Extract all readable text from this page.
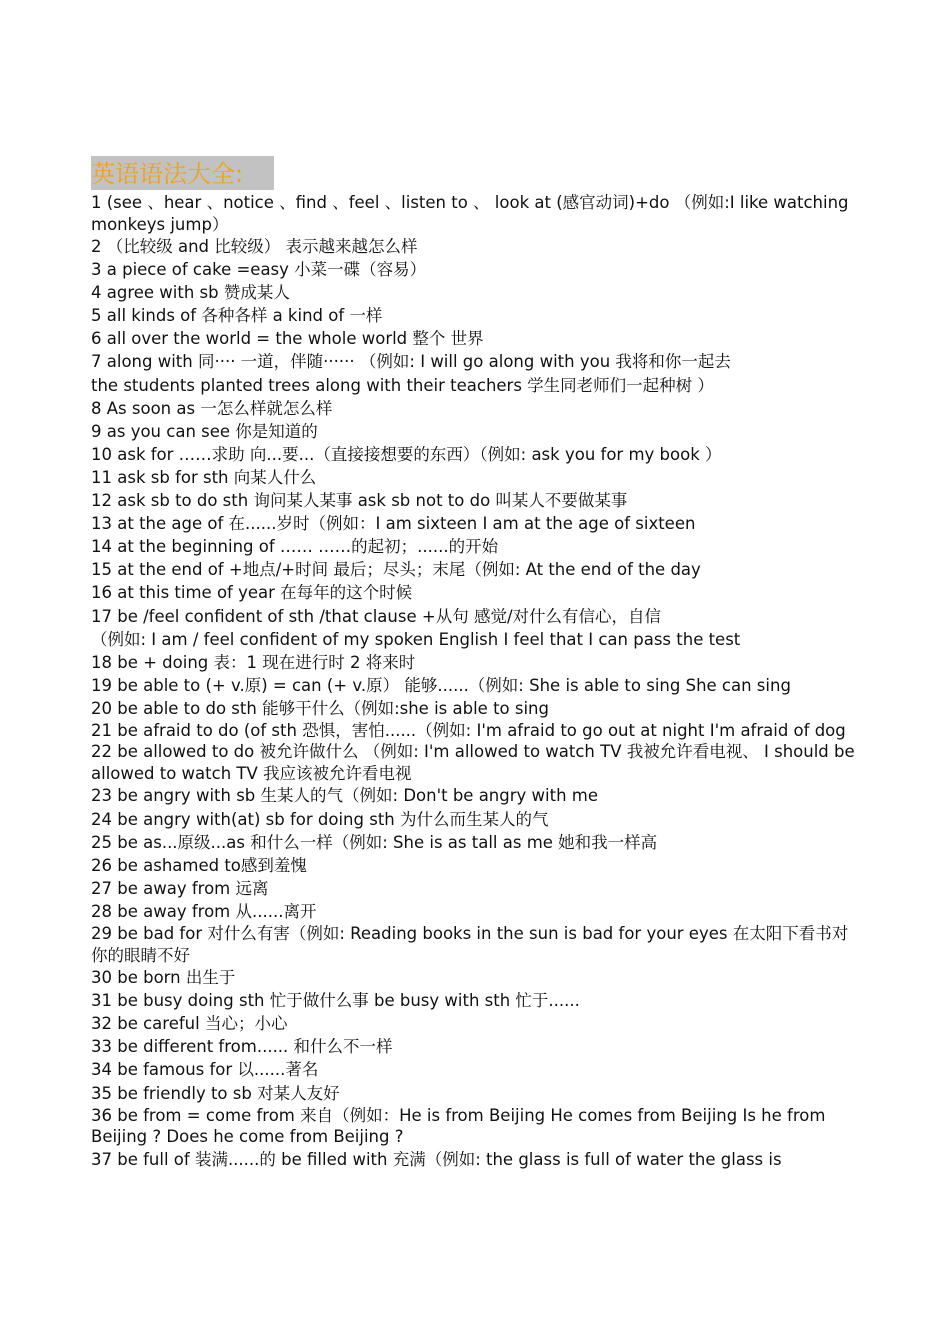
英语语法大全:

1 (see 、hear 、notice 、find 、feel 、listen to 、 look at (感官动词)+do （例如:I like watching monkeys jump）

2 （比较级 and 比较级） 表示越来越怎么样

3 a piece of cake =easy 小菜一碟（容易）

4 agree with sb 赞成某人

5 all kinds of 各种各样 a kind of 一样

6 all over the world = the whole world 整个 世界

7 along with 同···· 一道，伴随······ （例如: I will go along with you 我将和你一起去

the students planted trees along with their teachers 学生同老师们一起种树 ）

8 As soon as 一怎么样就怎么样

9 as you can see 你是知道的

10 ask for ……求助 向...要...（直接接想要的东西）（例如: ask you for my book ）

11 ask sb for sth 向某人什么

12 ask sb to do sth 询问某人某事 ask sb not to do 叫某人不要做某事

13 at the age of 在......岁时（例如：I am sixteen I am at the age of sixteen

14 at the beginning of …… ……的起初；......的开始

15 at the end of +地点/+时间 最后；尽头；末尾（例如: At the end of the day

16 at this time of year 在每年的这个时候

17 be /feel confident of sth /that clause +从句 感觉/对什么有信心，自信

（例如: I am / feel confident of my spoken English I feel that I can pass the test

18 be + doing 表：1 现在进行时 2 将来时

19 be able to (+ v.原) = can (+ v.原） 能够......（例如: She is able to sing She can sing

20 be able to do sth 能够干什么（例如:she is able to sing

21 be afraid to do (of sth 恐惧，害怕......（例如: I'm afraid to go out at night I'm afraid of dog

22 be allowed to do 被允许做什么 （例如: I'm allowed to watch TV 我被允许看电视、 I should be allowed to watch TV 我应该被允许看电视

23 be angry with sb 生某人的气（例如: Don't be angry with me

24 be angry with(at) sb for doing sth 为什么而生某人的气

25 be as...原级...as 和什么一样（例如: She is as tall as me 她和我一样高

26 be ashamed to感到羞愧

27 be away from 远离

28 be away from 从......离开

29 be bad for 对什么有害（例如: Reading books in the sun is bad for your eyes 在太阳下看书对你的眼睛不好

30 be born 出生于

31 be busy doing sth 忙于做什么事 be busy with sth 忙于......

32 be careful 当心；小心

33 be different from...... 和什么不一样

34 be famous for 以......著名

35 be friendly to sb 对某人友好

36 be from = come from 来自（例如：He is from Beijing He comes from Beijing Is he from Beijing ? Does he come from Beijing ?

37 be full of 装满......的 be filled with 充满（例如: the glass is full of water the glass is
